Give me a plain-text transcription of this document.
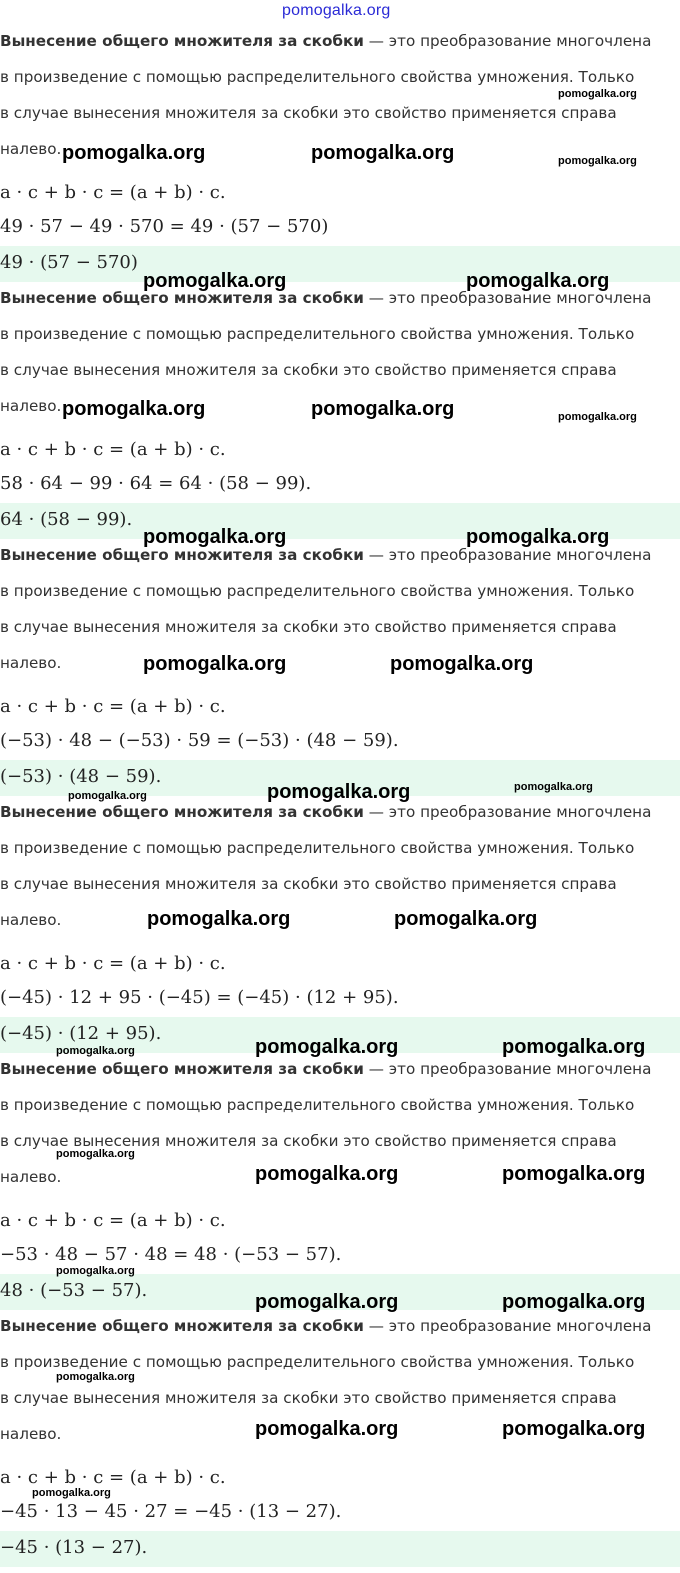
pomogalka.org
Вынесение общего множителя за скобки — это преобразование многочлена
в произведение с помощью распределительного свойства умножения. Только
в случае вынесения множителя за скобки это свойство применяется справа
налево.
a · c + b · c = (a + b) · c.
49 · 57 − 49 · 570 = 49 · (57 − 570)
49 · (57 − 570)
Вынесение общего множителя за скобки — это преобразование многочлена
в произведение с помощью распределительного свойства умножения. Только
в случае вынесения множителя за скобки это свойство применяется справа
налево.
a · c + b · c = (a + b) · c.
58 · 64 − 99 · 64 = 64 · (58 − 99).
64 · (58 − 99).
Вынесение общего множителя за скобки — это преобразование многочлена
в произведение с помощью распределительного свойства умножения. Только
в случае вынесения множителя за скобки это свойство применяется справа
налево.
a · c + b · c = (a + b) · c.
(−53) · 48 − (−53) · 59 = (−53) · (48 − 59).
(−53) · (48 − 59).
Вынесение общего множителя за скобки — это преобразование многочлена
в произведение с помощью распределительного свойства умножения. Только
в случае вынесения множителя за скобки это свойство применяется справа
налево.
a · c + b · c = (a + b) · c.
(−45) · 12 + 95 · (−45) = (−45) · (12 + 95).
(−45) · (12 + 95).
Вынесение общего множителя за скобки — это преобразование многочлена
в произведение с помощью распределительного свойства умножения. Только
в случае вынесения множителя за скобки это свойство применяется справа
налево.
a · c + b · c = (a + b) · c.
−53 · 48 − 57 · 48 = 48 · (−53 − 57).
48 · (−53 − 57).
Вынесение общего множителя за скобки — это преобразование многочлена
в произведение с помощью распределительного свойства умножения. Только
в случае вынесения множителя за скобки это свойство применяется справа
налево.
a · c + b · c = (a + b) · c.
−45 · 13 − 45 · 27 = −45 · (13 − 27).
−45 · (13 − 27).
pomogalka.org
pomogalka.org	pomogalka.org	pomogalka.org
pomogalka.org	pomogalka.org
pomogalka.org	pomogalka.org	pomogalka.org
pomogalka.org	pomogalka.org
pomogalka.org	pomogalka.org
pomogalka.org
pomogalka.org	pomogalka.org
pomogalka.org	pomogalka.org
pomogalka.org	pomogalka.org	pomogalka.org
pomogalka.org
pomogalka.org	pomogalka.org
pomogalka.org
pomogalka.org	pomogalka.org
pomogalka.org
pomogalka.org	pomogalka.org
pomogalka.org
